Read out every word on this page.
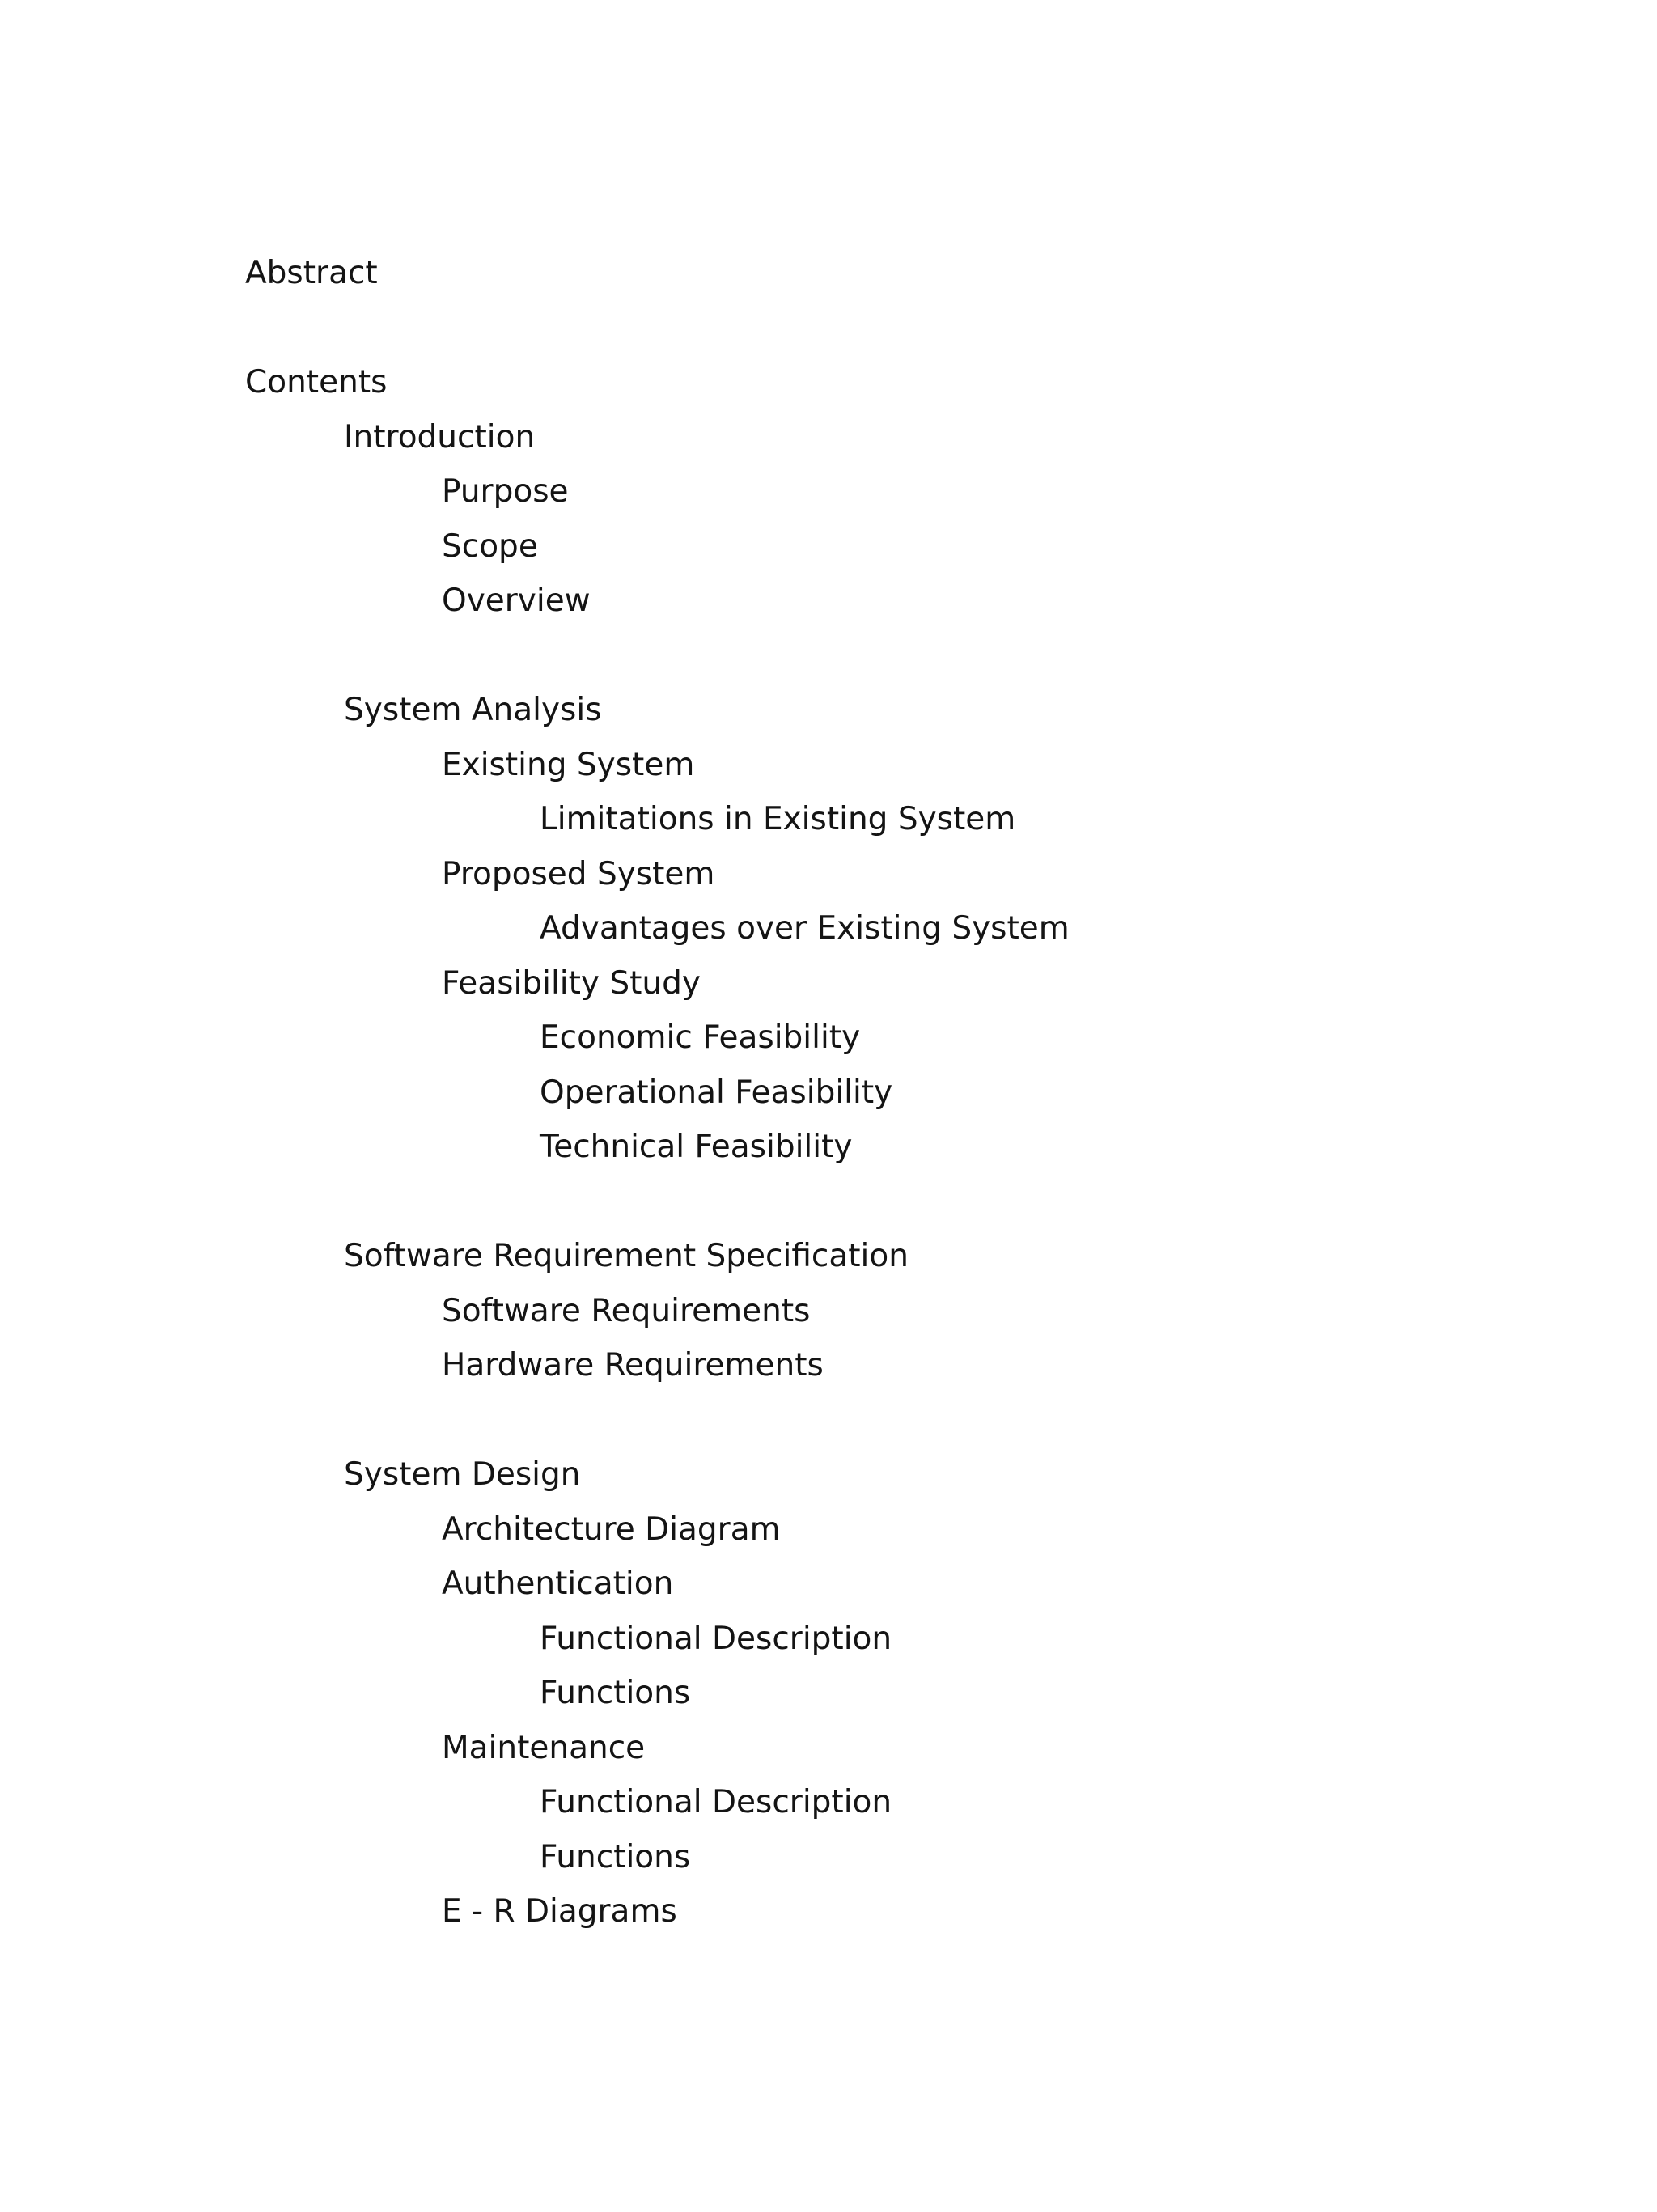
Abstract
Contents
Introduction
Purpose
Scope
Overview
System Analysis
Existing System
Limitations in Existing System
Proposed System
Advantages over Existing System
Feasibility Study
Economic Feasibility
Operational Feasibility
Technical Feasibility
Software Requirement Specification
Software Requirements
Hardware Requirements
System Design
Architecture Diagram
Authentication
Functional Description
Functions
Maintenance
Functional Description
Functions
E - R Diagrams
